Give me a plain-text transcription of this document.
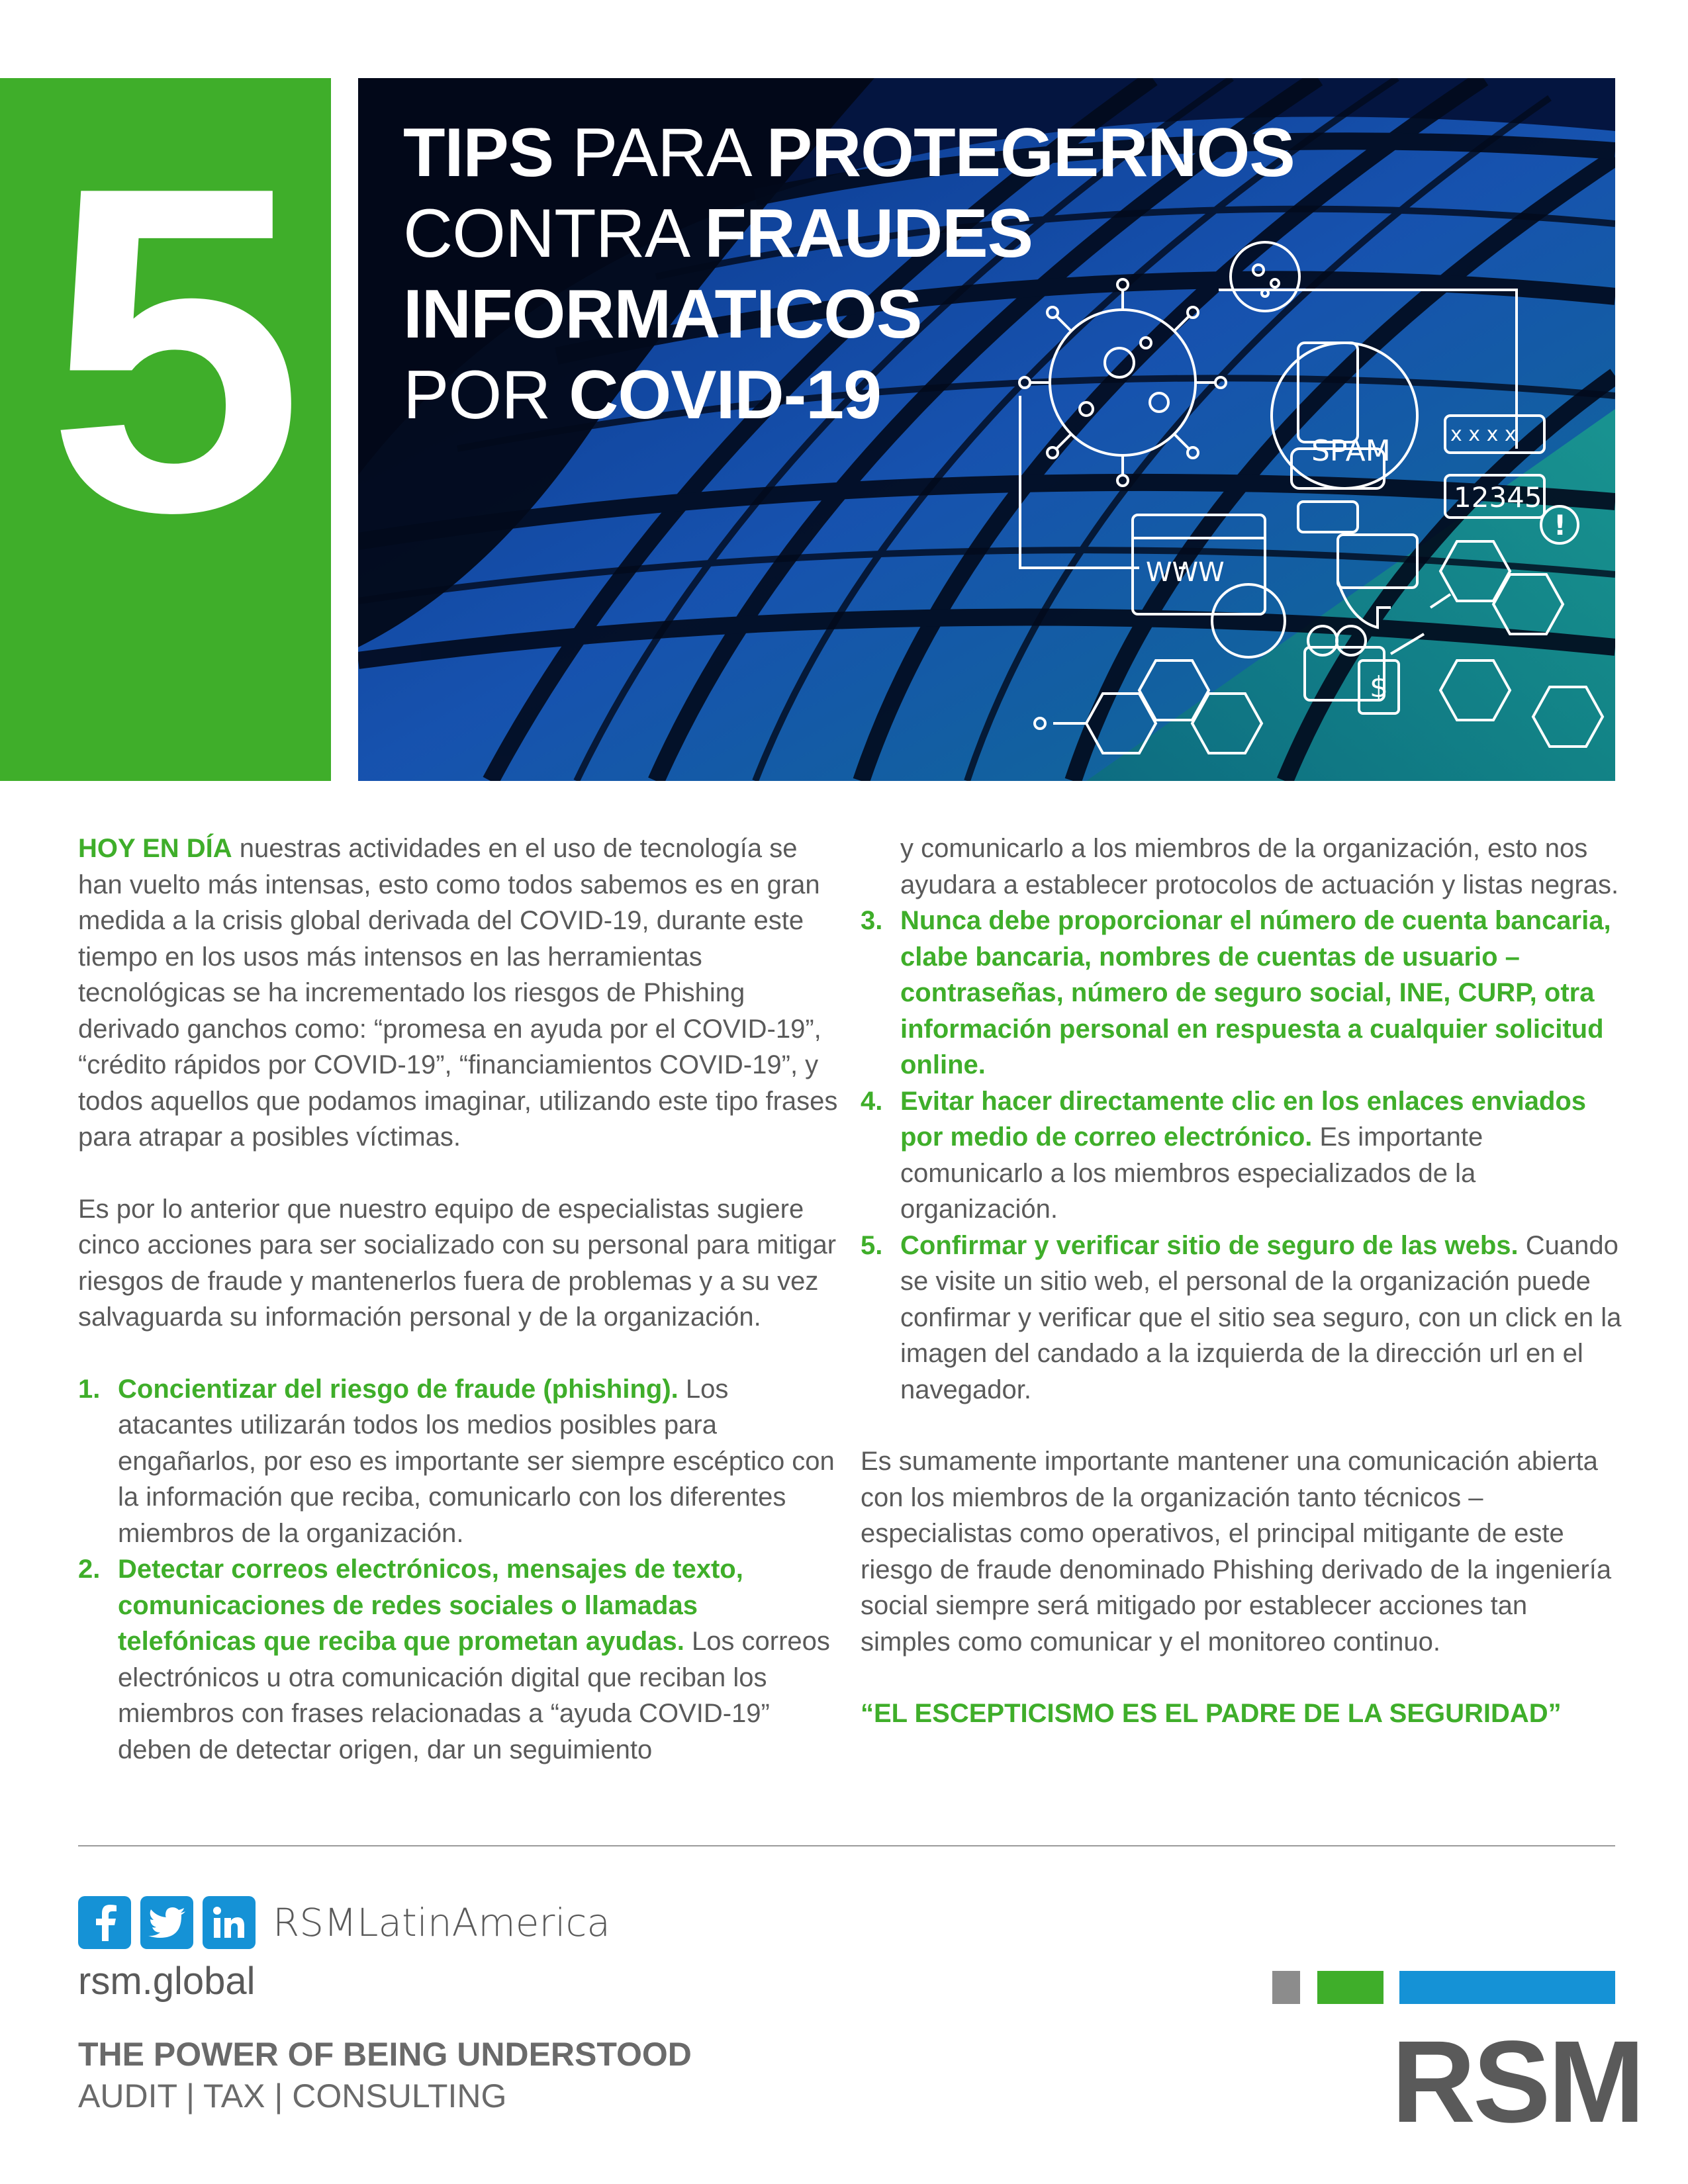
5	SPAM
12345
x x x x
WWW
$
!
TIPS PARA PROTEGERNOS
CONTRA FRAUDES
INFORMATICOS
POR COVID-19

HOY EN DÍA nuestras actividades en el uso de tecnología se han vuelto más intensas, esto como todos sabemos es en gran medida a la crisis global derivada del COVID-19, durante este tiempo en los usos más intensos en las herramientas tecnológicas se ha incrementado los riesgos de Phishing derivado ganchos como: “promesa en ayuda por el COVID-19”, “crédito rápidos por COVID-19”, “financiamientos COVID-19”, y todos aquellos que podamos imaginar, utilizando este tipo frases para atrapar a posibles víctimas.

Es por lo anterior que nuestro equipo de especialistas sugiere cinco acciones para ser socializado con su personal para mitigar riesgos de fraude y mantenerlos fuera de problemas y a su vez salvaguarda su información personal y de la organización.

1. Concientizar del riesgo de fraude (phishing). Los atacantes utilizarán todos los medios posibles para engañarlos, por eso es importante ser siempre escéptico con la información que reciba, comunicarlo con los diferentes miembros de la organización.
2. Detectar correos electrónicos, mensajes de texto, comunicaciones de redes sociales o llamadas telefónicas que reciba que prometan ayudas. Los correos electrónicos u otra comunicación digital que reciban los miembros con frases relacionadas a “ayuda COVID-19” deben de detectar origen, dar un seguimiento
y comunicarlo a los miembros de la organización, esto nos ayudara a establecer protocolos de actuación y listas negras.
3. Nunca debe proporcionar el número de cuenta bancaria, clabe bancaria, nombres de cuentas de usuario – contraseñas, número de seguro social, INE, CURP, otra información personal en respuesta a cualquier solicitud online.
4. Evitar hacer directamente clic en los enlaces enviados por medio de correo electrónico. Es importante comunicarlo a los miembros especializados de la organización.
5. Confirmar y verificar sitio de seguro de las webs. Cuando se visite un sitio web, el personal de la organización puede confirmar y verificar que el sitio sea seguro, con un click en la imagen del candado a la izquierda de la dirección url en el navegador.

Es sumamente importante mantener una comunicación abierta con los miembros de la organización tanto técnicos – especialistas como operativos, el principal mitigante de este riesgo de fraude denominado Phishing derivado de la ingeniería social siempre será mitigado por establecer acciones tan simples como comunicar y el monitoreo continuo.

“EL ESCEPTICISMO ES EL PADRE DE LA SEGURIDAD”

RSMLatinAmerica
rsm.global
THE POWER OF BEING UNDERSTOOD
AUDIT | TAX | CONSULTING	RSM
